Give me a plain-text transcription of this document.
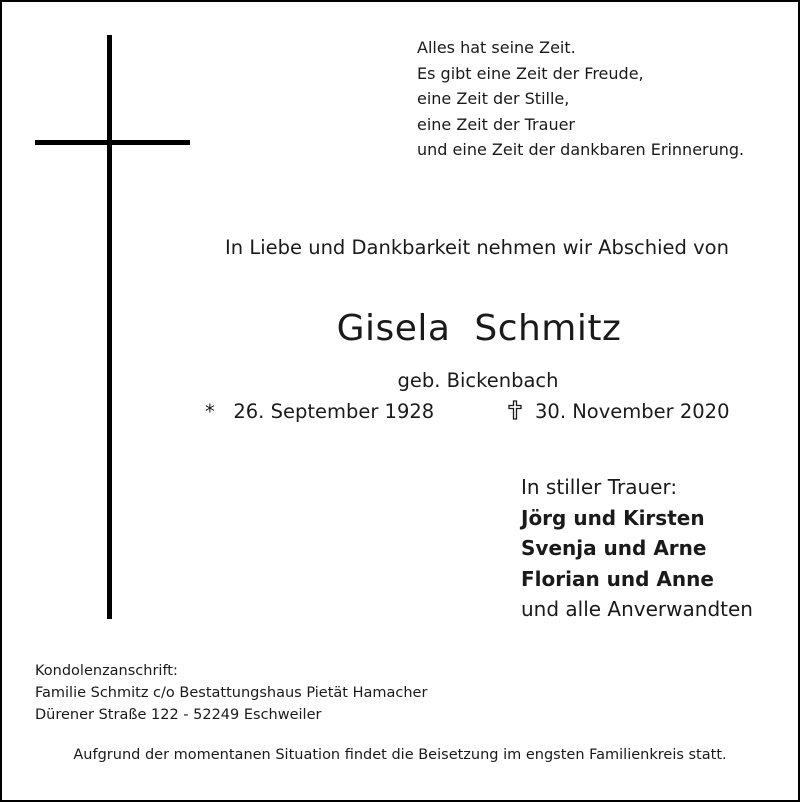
Alles hat seine Zeit.
Es gibt eine Zeit der Freude,
eine Zeit der Stille,
eine Zeit der Trauer
und eine Zeit der dankbaren Erinnerung.
In Liebe und Dankbarkeit nehmen wir Abschied von
Gisela  Schmitz
geb. Bickenbach
* 26. September 1928	30. November 2020
In stiller Trauer:
Jörg und Kirsten
Svenja und Arne
Florian und Anne
und alle Anverwandten
Kondolenzanschrift:
Familie Schmitz c/o Bestattungshaus Pietät Hamacher
Dürener Straße 122 - 52249 Eschweiler
Aufgrund der momentanen Situation findet die Beisetzung im engsten Familienkreis statt.
